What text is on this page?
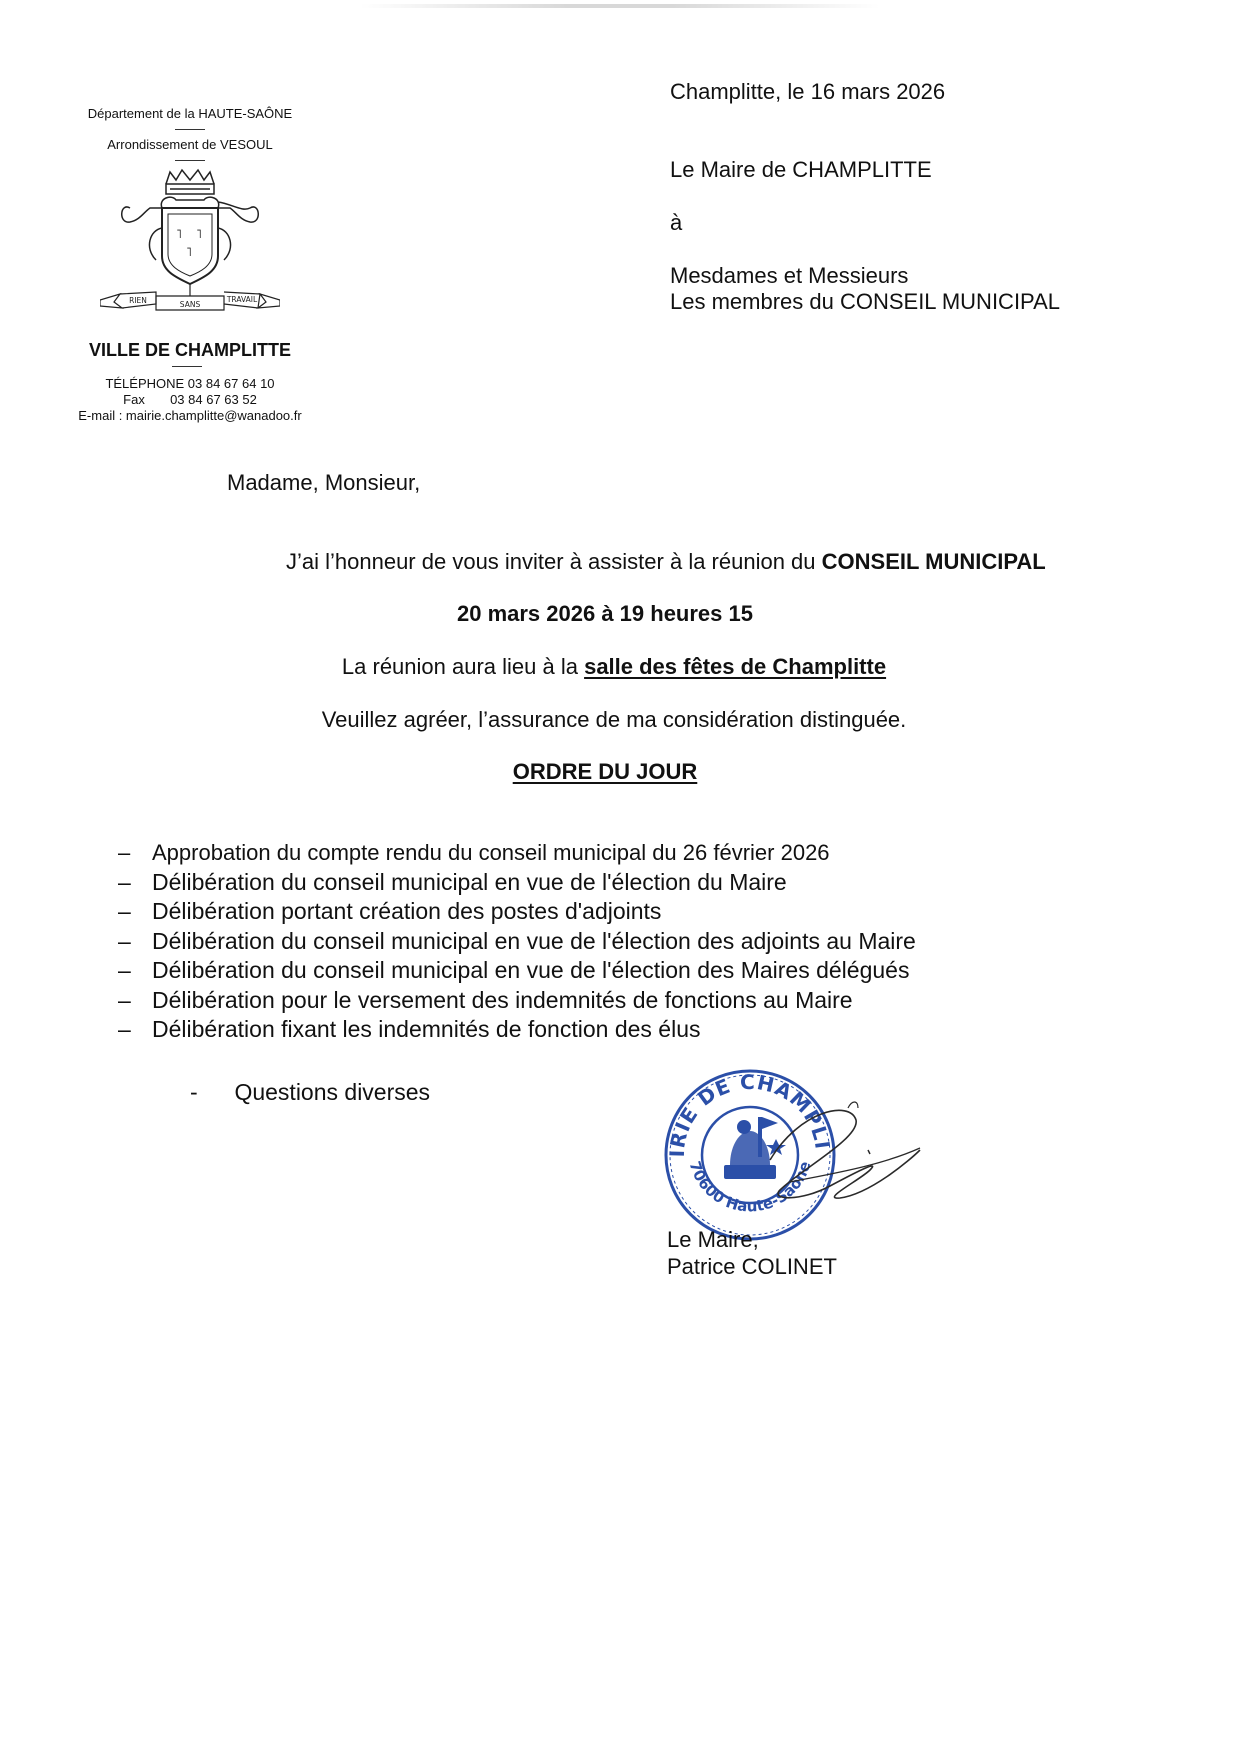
Département de la HAUTE-SAÔNE
Arrondissement de VESOUL
˥ ˥
˥
RIEN	SANS
TRAVAIL
VILLE DE CHAMPLITTE
TÉLÉPHONE 03 84 67 64 10
Fax 03 84 67 63 52
E-mail : mairie.champlitte@wanadoo.fr
Champlitte, le 16 mars 2026
Le Maire de CHAMPLITTE
à
Mesdames et Messieurs
Les membres du CONSEIL MUNICIPAL
Madame, Monsieur,
J’ai l’honneur de vous inviter à assister à la réunion du CONSEIL MUNICIPAL
20 mars 2026 à 19 heures 15
La réunion aura lieu à la salle des fêtes de Champlitte
Veuillez agréer, l’assurance de ma considération distinguée.
ORDRE DU JOUR
– Approbation du compte rendu du conseil municipal du 26 février 2026
– Délibération du conseil municipal en vue de l'élection du Maire
– Délibération portant création des postes d'adjoints
– Délibération du conseil municipal en vue de l'élection des adjoints au Maire
– Délibération du conseil municipal en vue de l'élection des Maires délégués
– Délibération pour le versement des indemnités de fonctions au Maire
– Délibération fixant les indemnités de fonction des élus
- Questions diverses
IRIE DE CHAMPLI
70600 Haute-Saône
Le Maire,
Patrice COLINET
